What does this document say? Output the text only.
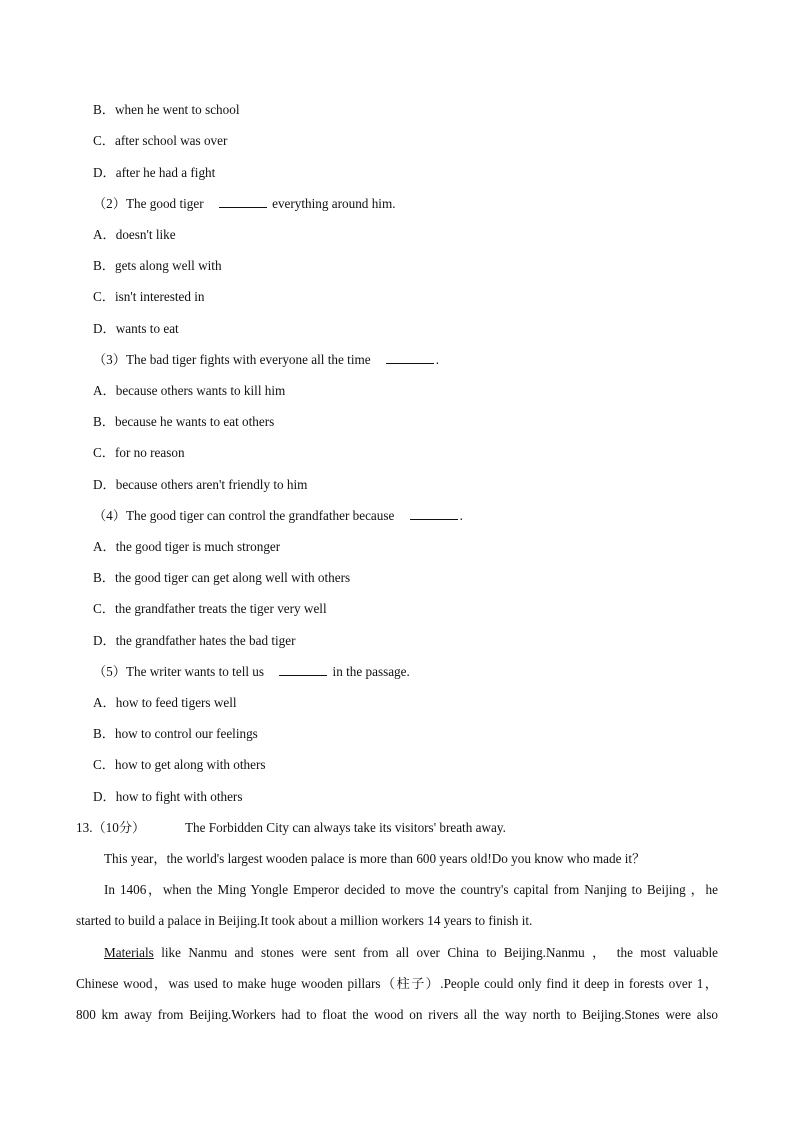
B．when he went to school
C．after school was over
D．after he had a fight
（2）The good tiger	everything around him.
A．doesn't like
B．gets along well with
C．isn't interested in
D．wants to eat
（3）The bad tiger fights with everyone all the time	.
A．because others wants to kill him
B．because he wants to eat others
C．for no reason
D．because others aren't friendly to him
（4）The good tiger can control the grandfather because	.
A．the good tiger is much stronger
B．the good tiger can get along well with others
C．the grandfather treats the tiger very well
D．the grandfather hates the bad tiger
（5）The writer wants to tell us	in the passage.
A．how to feed tigers well
B．how to control our feelings
C．how to get along with others
D．how to fight with others
13.（10分）	The Forbidden City can always take its visitors' breath away.
This year，the world's largest wooden palace is more than 600 years old!Do you know who made it？
In 1406，when the Ming Yongle Emperor decided to move the country's capital from Nanjing to Beijing ，he
started to build a palace in Beijing.It took about a million workers 14 years to finish it.
Materials like Nanmu and stones were sent from all over China to Beijing.Nanmu ， the most valuable
Chinese wood，was used to make huge wooden pillars（柱子）.People could only find it deep in forests over 1，
800 km away from Beijing.Workers had to float the wood on rivers all the way north to Beijing.Stones were also
